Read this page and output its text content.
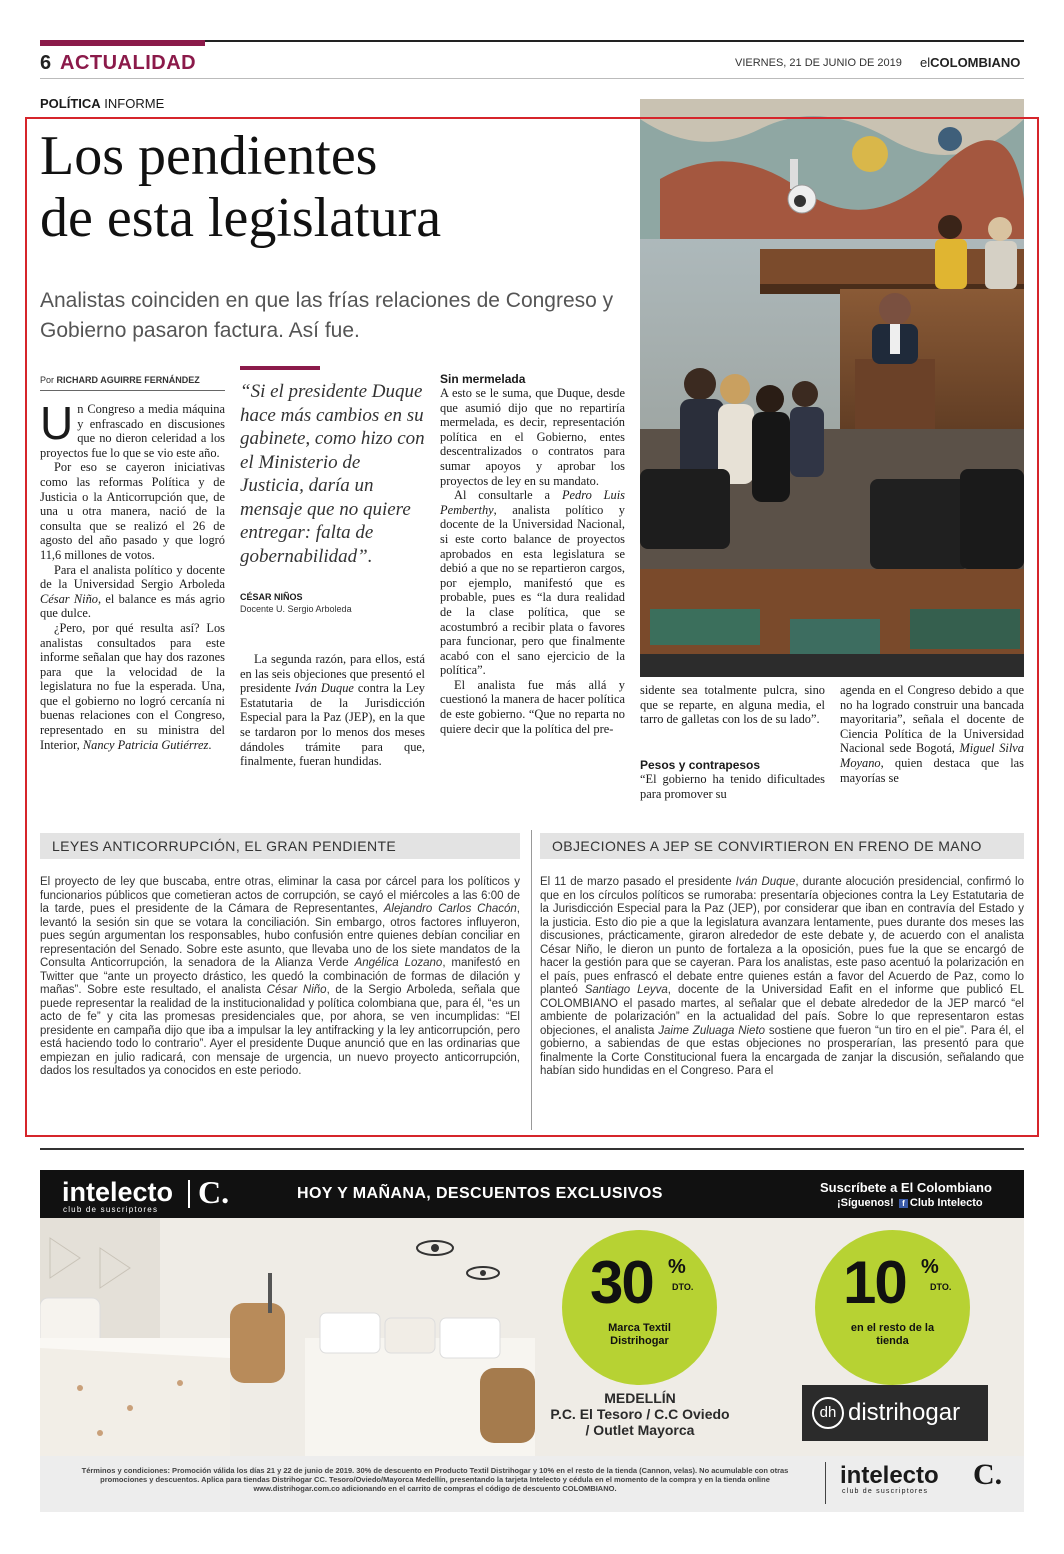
6 ACTUALIDAD	VIERNES, 21 DE JUNIO DE 2019 elCOLOMBIANO
POLÍTICA INFORME
Los pendientes
de esta legislatura
Analistas coinciden en que las frías relaciones de Congreso y Gobierno pasaron factura. Así fue.
Por RICHARD AGUIRRE FERNÁNDEZ

Un Congreso a media máquina y enfrascado en discusiones que no dieron celeridad a los proyectos fue lo que se vio este año.

Por eso se cayeron iniciativas como las reformas Política y de Justicia o la Anticorrupción que, de una u otra manera, nació de la consulta que se realizó el 26 de agosto del año pasado y que logró 11,6 millones de votos.

Para el analista político y docente de la Universidad Sergio Arboleda César Niño, el balance es más agrio que dulce.

¿Pero, por qué resulta así? Los analistas consultados para este informe señalan que hay dos razones para que la velocidad de la legislatura no fue la esperada. Una, que el gobierno no logró cercanía ni buenas relaciones con el Congreso, representado en su ministra del Interior, Nancy Patricia Gutiérrez.

“Si el presidente Duque hace más cambios en su gabinete, como hizo con el Ministerio de Justicia, daría un mensaje que no quiere entregar: falta de gobernabilidad”.
CÉSAR NIÑOS
Docente U. Sergio Arboleda

La segunda razón, para ellos, está en las seis objeciones que presentó el presidente Iván Duque contra la Ley Estatutaria de la Jurisdicción Especial para la Paz (JEP), en la que se tardaron por lo menos dos meses dándoles trámite para que, finalmente, fueran hundidas.

Sin mermelada

A esto se le suma, que Duque, desde que asumió dijo que no repartiría mermelada, es decir, representación política en el Gobierno, entes descentralizados o contratos para sumar apoyos y aprobar los proyectos de ley en su mandato.

Al consultarle a Pedro Luis Pemberthy, analista político y docente de la Universidad Nacional, si este corto balance de proyectos aprobados en esta legislatura se debió a que no se repartieron cargos, por ejemplo, manifestó que es probable, pues es “la dura realidad de la clase política, que se acostumbró a recibir plata o favores para funcionar, pero que finalmente acabó con el sano ejercicio de la política”.

El analista fue más allá y cuestionó la manera de hacer política de este gobierno. “Que no reparta no quiere decir que la política del pre-

sidente sea totalmente pulcra, sino que se reparte, en alguna media, el tarro de galletas con los de su lado”.

Pesos y contrapesos

“El gobierno ha tenido dificultades para promover su

agenda en el Congreso debido a que no ha logrado construir una bancada mayoritaria”, señala el docente de Ciencia Política de la Universidad Nacional sede Bogotá, Miguel Silva Moyano, quien destaca que las mayorías se

LEYES ANTICORRUPCIÓN, EL GRAN PENDIENTE	OBJECIONES A JEP SE CONVIRTIERON EN FRENO DE MANO
El proyecto de ley que buscaba, entre otras, eliminar la casa por cárcel para los políticos y funcionarios públicos que cometieran actos de corrupción, se cayó el miércoles a las 6:00 de la tarde, pues el presidente de la Cámara de Representantes, Alejandro Carlos Chacón, levantó la sesión sin que se votara la conciliación. Sin embargo, otros factores influyeron, pues según argumentan los responsables, hubo confusión entre quienes debían conciliar en representación del Senado. Sobre este asunto, que llevaba uno de los siete mandatos de la Consulta Anticorrupción, la senadora de la Alianza Verde Angélica Lozano, manifestó en Twitter que “ante un proyecto drástico, les quedó la combinación de formas de dilación y mañas”. Sobre este resultado, el analista César Niño, de la Sergio Arboleda, señala que puede representar la realidad de la institucionalidad y política colombiana que, para él, “es un acto de fe” y cita las promesas presidenciales que, por ahora, se ven incumplidas: “El presidente en campaña dijo que iba a impulsar la ley antifracking y la ley anticorrupción, pero está haciendo todo lo contrario”. Ayer el presidente Duque anunció que en las ordinarias que empiezan en julio radicará, con mensaje de urgencia, un nuevo proyecto anticorrupción, dados los resultados ya conocidos en este periodo.
El 11 de marzo pasado el presidente Iván Duque, durante alocución presidencial, confirmó lo que en los círculos políticos se rumoraba: presentaría objeciones contra la Ley Estatutaria de la Jurisdicción Especial para la Paz (JEP), por considerar que iban en contravía del Estado y la justicia. Esto dio pie a que la legislatura avanzara lentamente, pues durante dos meses las discusiones, prácticamente, giraron alrededor de este debate y, de acuerdo con el analista César Niño, le dieron un punto de fortaleza a la oposición, pues fue la que se encargó de hacer la gestión para que se cayeran. Para los analistas, este paso acentuó la polarización en el país, pues enfrascó el debate entre quienes están a favor del Acuerdo de Paz, como lo planteó Santiago Leyva, docente de la Universidad Eafit en el informe que publicó EL COLOMBIANO el pasado martes, al señalar que el debate alrededor de la JEP marcó “el ambiente de polarización” en la actualidad del país. Sobre lo que representaron estas objeciones, el analista Jaime Zuluaga Nieto sostiene que fueron “un tiro en el pie”. Para él, el gobierno, a sabiendas de que estas objeciones no prosperarían, las presentó para que finalmente la Corte Constitucional fuera la encargada de zanjar la discusión, señalando que habían sido hundidas en el Congreso. Para el
intelecto
club de suscriptores C.	HOY Y MAÑANA, DESCUENTOS EXCLUSIVOS	Suscríbete a El Colombiano
¡Síguenos! f Club Intelecto
30 %
DTO.
Marca Textil Distrihogar
10 %
DTO.
en el resto de la tienda
MEDELLÍN
P.C. El Tesoro / C.C Oviedo
/ Outlet Mayorca
dh distrihogar
Términos y condiciones: Promoción válida los días 21 y 22 de junio de 2019. 30% de descuento en Producto Textil Distrihogar y 10% en el resto de la tienda (Cannon, velas). No acumulable con otras promociones y descuentos. Aplica para tiendas Distrihogar CC. Tesoro/Oviedo/Mayorca Medellín, presentando la tarjeta Intelecto y cédula en el momento de la compra y en la tienda online www.distrihogar.com.co adicionando en el carrito de compras el código de descuento COLOMBIANO.	intelecto
club de suscriptores
C.
